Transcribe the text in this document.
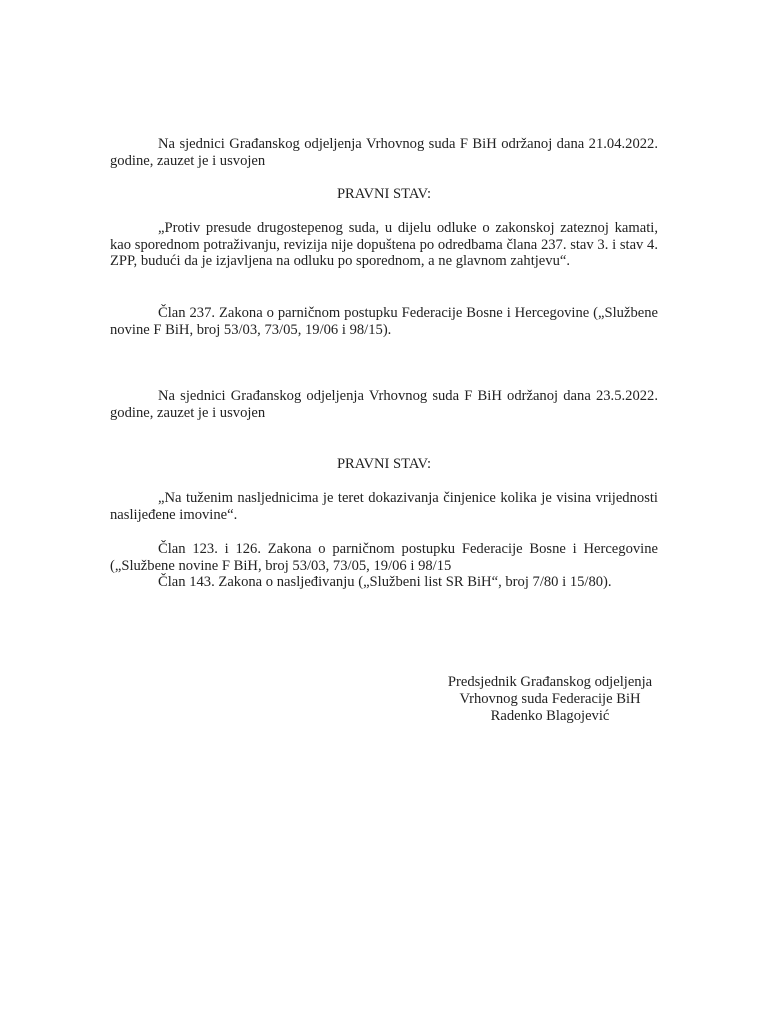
Na sjednici Građanskog odjeljenja Vrhovnog suda F BiH održanoj dana 21.04.2022. godine, zauzet je i usvojen

PRAVNI STAV:

„Protiv presude drugostepenog suda, u dijelu odluke o zakonskoj zateznoj kamati, kao sporednom potraživanju, revizija nije dopuštena po odredbama člana 237. stav 3. i stav 4. ZPP, budući da je izjavljena na odluku po sporednom, a ne glavnom zahtjevu“.

Član 237. Zakona o parničnom postupku Federacije Bosne i Hercegovine („Službene novine F BiH, broj 53/03, 73/05, 19/06 i 98/15).

Na sjednici Građanskog odjeljenja Vrhovnog suda F BiH održanoj dana 23.5.2022. godine, zauzet je i usvojen

PRAVNI STAV:

„Na tuženim nasljednicima je teret dokazivanja činjenice kolika je visina vrijednosti naslijeđene imovine“.

Član 123. i 126. Zakona o parničnom postupku Federacije Bosne i Hercegovine („Službene novine F BiH, broj 53/03, 73/05, 19/06 i 98/15

Član 143. Zakona o nasljeđivanju („Službeni list SR BiH“, broj 7/80 i 15/80).

Predsjednik Građanskog odjeljenja
Vrhovnog suda Federacije BiH
Radenko Blagojević
